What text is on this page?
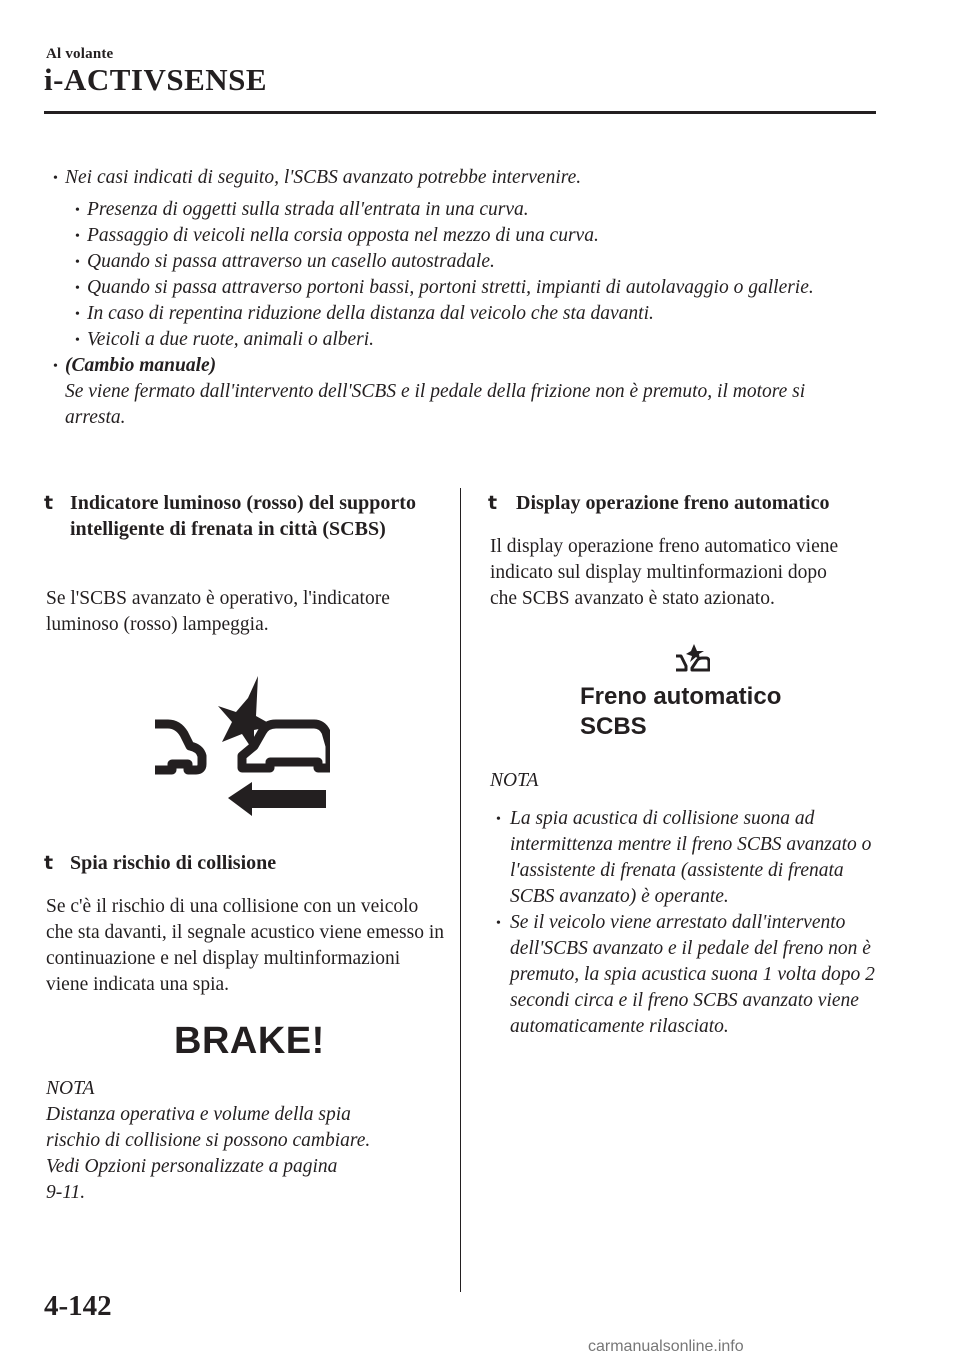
Al volante
i-ACTIVSENSE
• Nei casi indicati di seguito, l'SCBS avanzato potrebbe intervenire.
• Presenza di oggetti sulla strada all'entrata in una curva.
• Passaggio di veicoli nella corsia opposta nel mezzo di una curva.
• Quando si passa attraverso un casello autostradale.
• Quando si passa attraverso portoni bassi, portoni stretti, impianti di autolavaggio o gallerie.
• In caso di repentina riduzione della distanza dal veicolo che sta davanti.
• Veicoli a due ruote, animali o alberi.
• (Cambio manuale)
Se viene fermato dall'intervento dell'SCBS e il pedale della frizione non è premuto, il motore si arresta.
t Indicatore luminoso (rosso) del supporto intelligente di frenata in città (SCBS)
Se l'SCBS avanzato è operativo, l'indicatore luminoso (rosso) lampeggia.
t Spia rischio di collisione
Se c'è il rischio di una collisione con un veicolo che sta davanti, il segnale acustico viene emesso in continuazione e nel display multinformazioni viene indicata una spia.
BRAKE!
NOTA
Distanza operativa e volume della spia
rischio di collisione si possono cambiare.
Vedi Opzioni personalizzate a pagina
9-11.
t Display operazione freno automatico
Il display operazione freno automatico viene indicato sul display multinformazioni dopo che SCBS avanzato è stato azionato.
Freno automatico
SCBS
NOTA
• La spia acustica di collisione suona ad intermittenza mentre il freno SCBS avanzato o l'assistente di frenata (assistente di frenata SCBS avanzato) è operante.
• Se il veicolo viene arrestato dall'intervento dell'SCBS avanzato e il pedale del freno non è premuto, la spia acustica suona 1 volta dopo 2 secondi circa e il freno SCBS avanzato viene automaticamente rilasciato.
4-142
carmanualsonline.info
